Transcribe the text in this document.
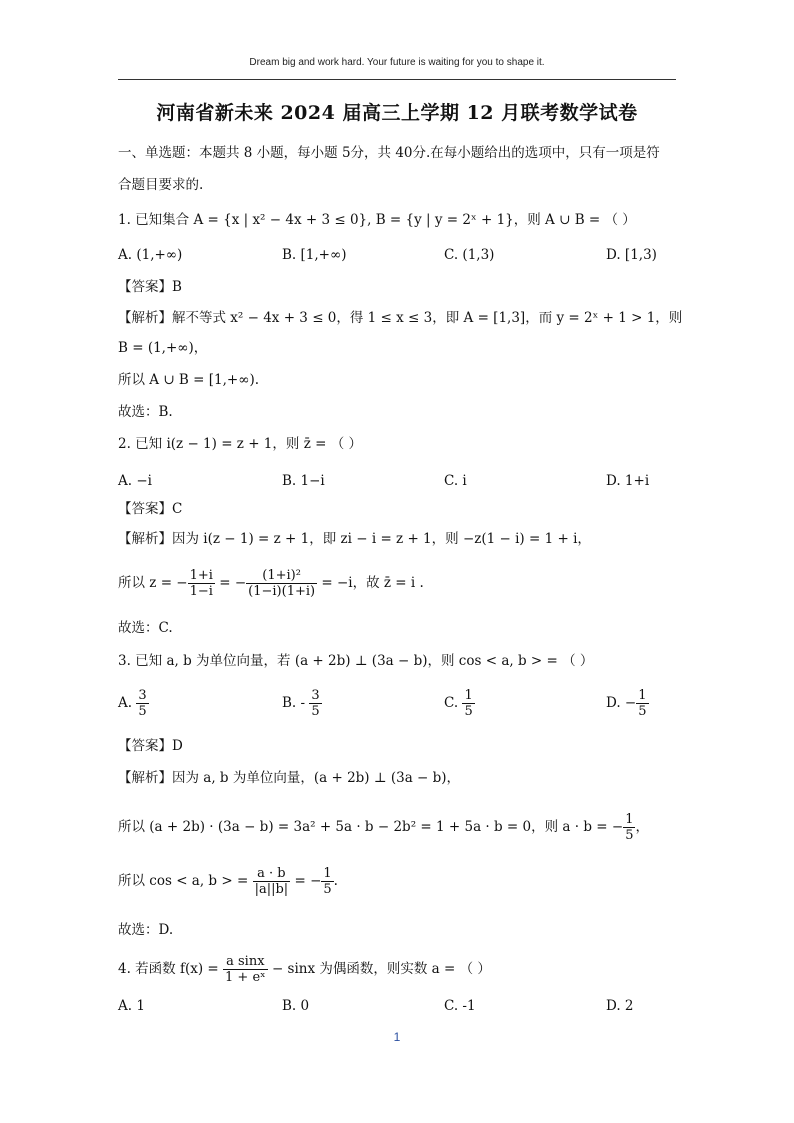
Dream big and work hard. Your future is waiting for you to shape it.
河南省新未来 2024 届高三上学期 12 月联考数学试卷
一、单选题：本题共 8 小题，每小题 5分，共 40分.在每小题给出的选项中，只有一项是符
合题目要求的.
1. 已知集合 A = {x | x² − 4x + 3 ≤ 0}, B = {y | y = 2ˣ + 1}，则 A ∪ B = （ ）
A. (1,+∞)	B. [1,+∞)	C. (1,3)	D. [1,3)
【答案】B
【解析】解不等式 x² − 4x + 3 ≤ 0，得 1 ≤ x ≤ 3，即 A = [1,3]，而 y = 2ˣ + 1 > 1，则
B = (1,+∞)，
所以 A ∪ B = [1,+∞).
故选：B.
2. 已知 i(z − 1) = z + 1，则 z̄ = （ ）
A. −i	B. 1−i	C. i	D. 1+i
【答案】C
【解析】因为 i(z − 1) = z + 1，即 zi − i = z + 1，则 −z(1 − i) = 1 + i，
所以 z = − $\frac{1+i}{1-i}$ = − $\frac{\text{(1+i)²}}{(1-i)(1+i)} = -i$，故 z̄ = i .
故选：C.
3. 已知 a, b 为单位向量，若 (a + 2b) ⊥ (3a − b)，则 cos < a, b > = （ ）
A. $\frac{3}{5}$	B. - $\frac{3}{5}$	C. $\frac{1}{5}$	D. − $\frac{1}{5}$
【答案】D
【解析】因为 a, b 为单位向量，(a + 2b) ⊥ (3a − b)，
所以 (a + 2b) · (3a − b) = 3a² + 5a · b − 2b² = 1 + 5a · b = 0，则 a · b = − $\frac{1}{5}$ ，
所以 cos < a, b > = $\frac{a \cdot b}{|a||b|}$ = − $\frac{1}{5}$ .
故选：D.
4. 若函数 $f(x) = \frac{\text{a sinx}}{\text{1 + eˣ}} - \sin x$ 为偶函数，则实数 a = （ ）
A. 1	B. 0	C. -1	D. 2
1
